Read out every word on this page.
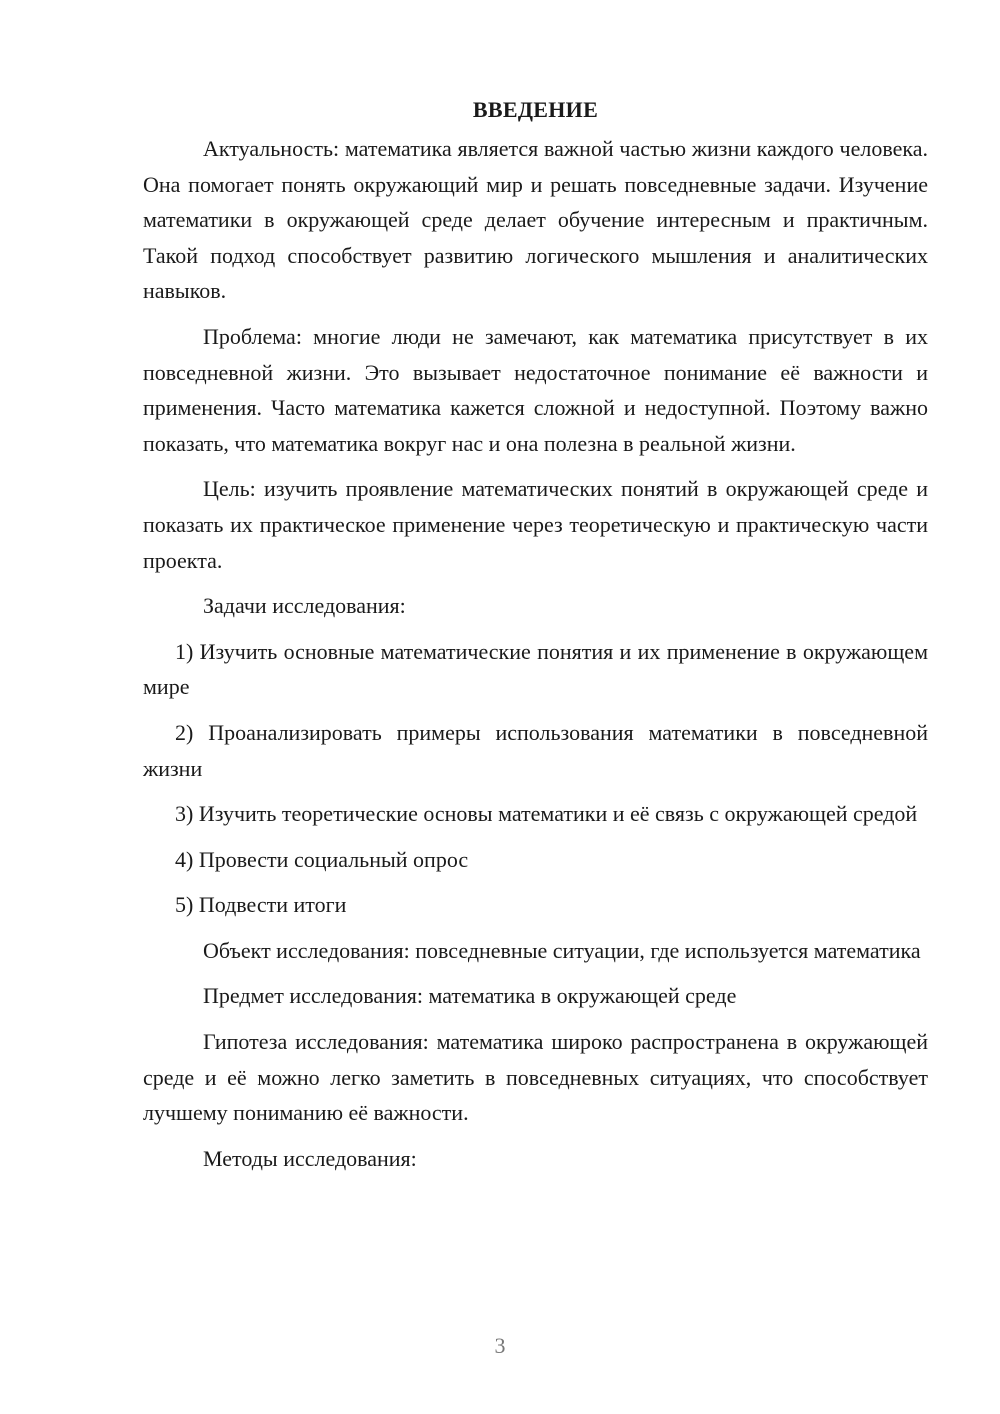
ВВЕДЕНИЕ

Актуальность: математика является важной частью жизни каждого человека. Она помогает понять окружающий мир и решать повседневные задачи. Изучение математики в окружающей среде делает обучение интересным и практичным. Такой подход способствует развитию логического мышления и аналитических навыков.

Проблема: многие люди не замечают, как математика присутствует в их повседневной жизни. Это вызывает недостаточное понимание её важности и применения. Часто математика кажется сложной и недоступной. Поэтому важно показать, что математика вокруг нас и она полезна в реальной жизни.

Цель: изучить проявление математических понятий в окружающей среде и показать их практическое применение через теоретическую и практическую части проекта.

Задачи исследования:

1) Изучить основные математические понятия и их применение в окружающем мире

2) Проанализировать примеры использования математики в повседневной жизни

3) Изучить теоретические основы математики и её связь с окружающей средой

4) Провести социальный опрос

5) Подвести итоги

Объект исследования: повседневные ситуации, где используется математика

Предмет исследования: математика в окружающей среде

Гипотеза исследования: математика широко распространена в окружающей среде и её можно легко заметить в повседневных ситуациях, что способствует лучшему пониманию её важности.

Методы исследования:

3
